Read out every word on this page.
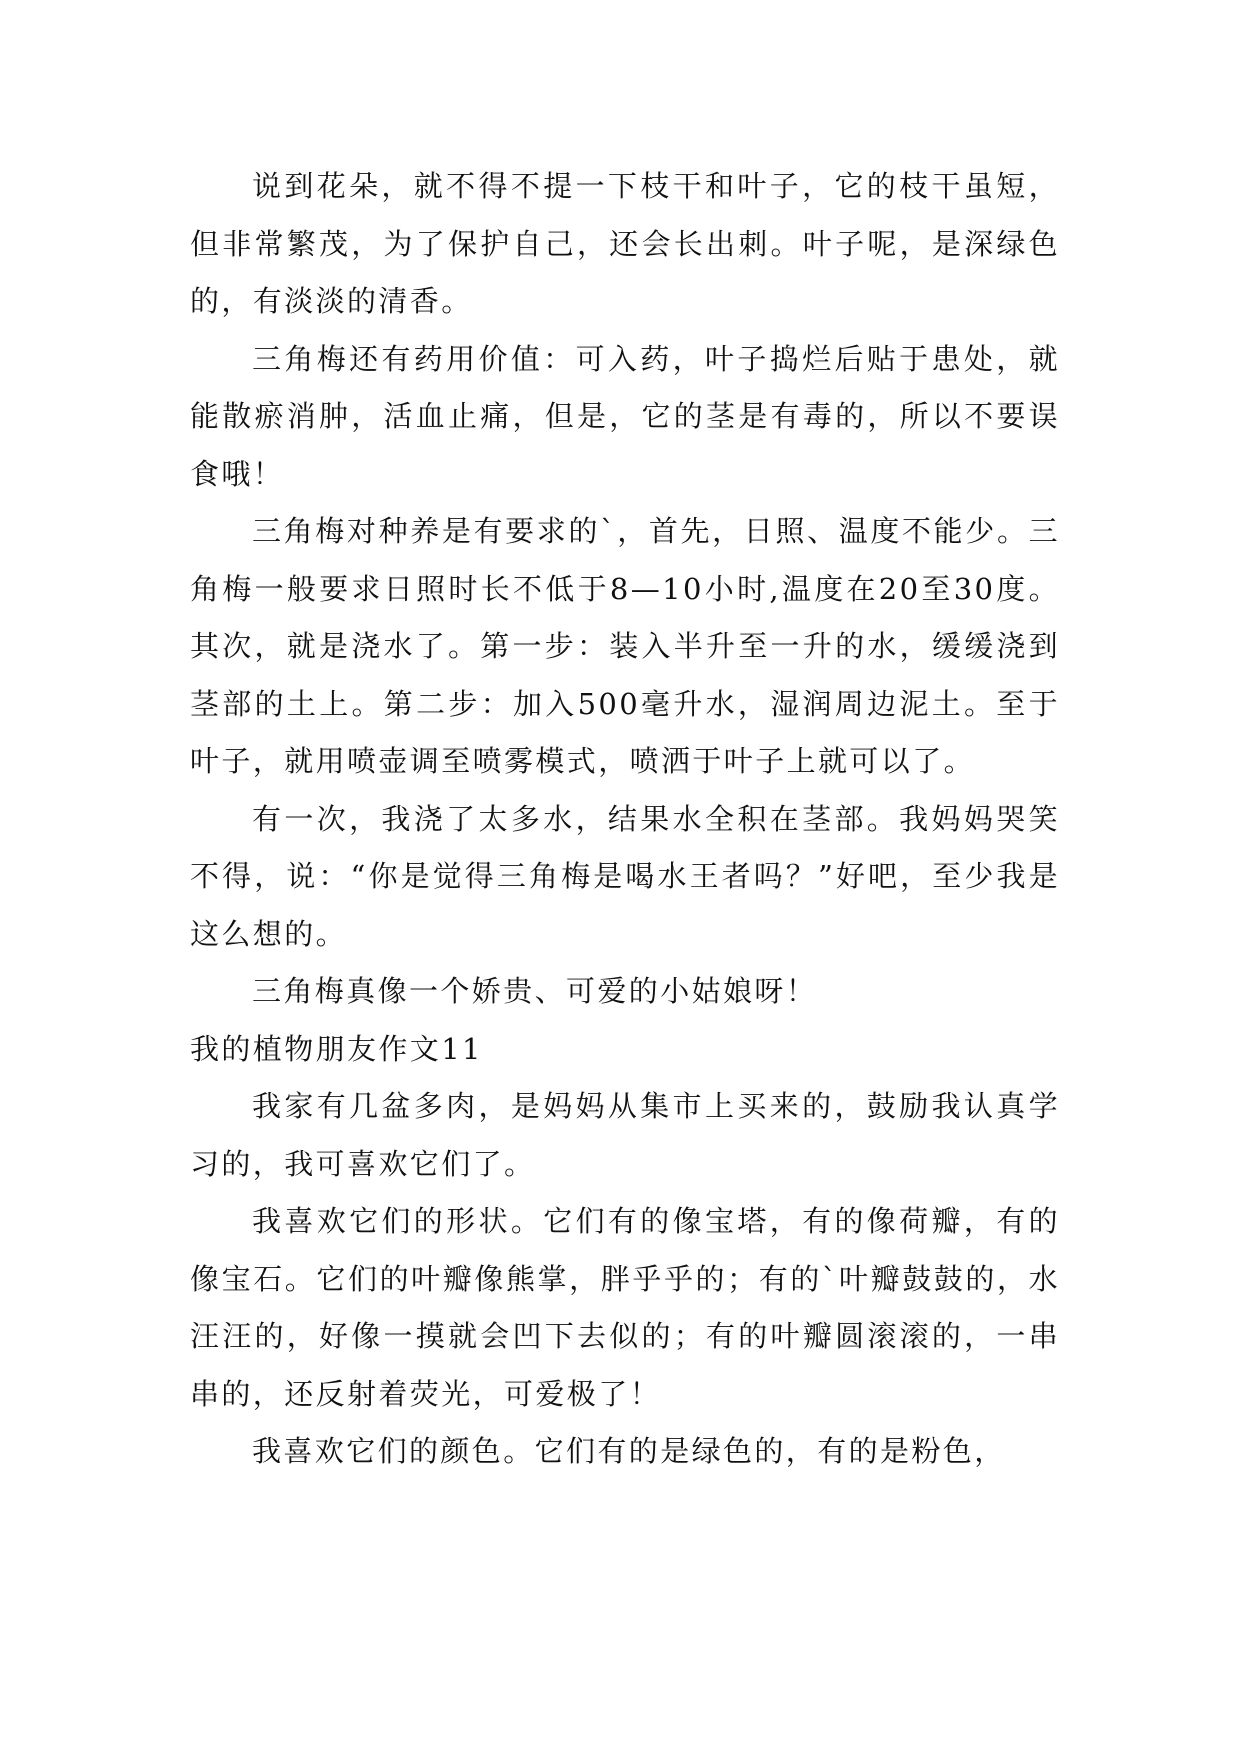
说到花朵，就不得不提一下枝干和叶子，它的枝干虽短，但非常繁茂，为了保护自己，还会长出刺。叶子呢，是深绿色的，有淡淡的清香。

三角梅还有药用价值：可入药，叶子捣烂后贴于患处，就能散瘀消肿，活血止痛，但是，它的茎是有毒的，所以不要误食哦！

三角梅对种养是有要求的`，首先，日照、温度不能少。三角梅一般要求日照时长不低于8—10小时,温度在20至30度。其次，就是浇水了。第一步：装入半升至一升的水，缓缓浇到茎部的土上。第二步：加入500毫升水，湿润周边泥土。至于叶子，就用喷壶调至喷雾模式，喷洒于叶子上就可以了。

有一次，我浇了太多水，结果水全积在茎部。我妈妈哭笑不得，说：“你是觉得三角梅是喝水王者吗？”好吧，至少我是这么想的。

三角梅真像一个娇贵、可爱的小姑娘呀！

我的植物朋友作文11

我家有几盆多肉，是妈妈从集市上买来的，鼓励我认真学习的，我可喜欢它们了。

我喜欢它们的形状。它们有的像宝塔，有的像荷瓣，有的像宝石。它们的叶瓣像熊掌，胖乎乎的；有的`叶瓣鼓鼓的，水汪汪的，好像一摸就会凹下去似的；有的叶瓣圆滚滚的，一串串的，还反射着荧光，可爱极了！

我喜欢它们的颜色。它们有的是绿色的，有的是粉色，
